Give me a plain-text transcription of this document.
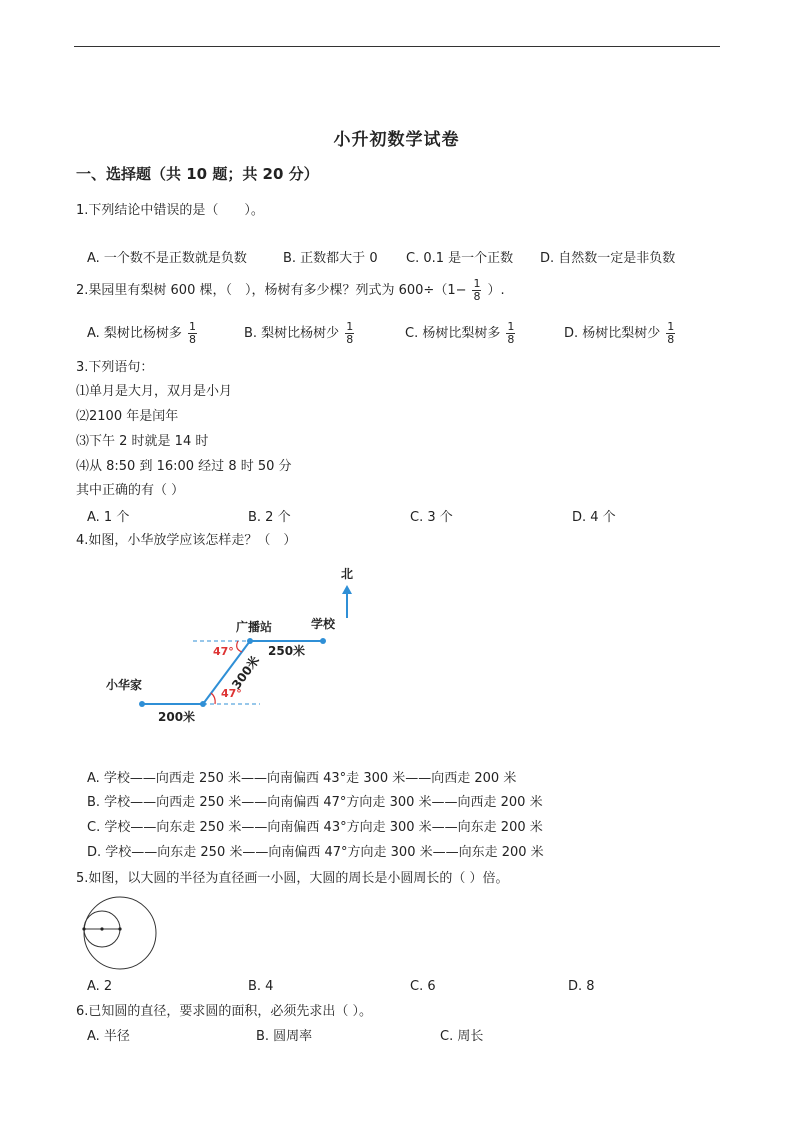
小升初数学试卷
一、选择题（共 10 题；共 20 分）
1.下列结论中错误的是（　　）。
A. 一个数不是正数就是负数	B. 正数都大于 0 C. 0.1 是一个正数 D. 自然数一定是非负数
2.果园里有梨树 600 棵，（　），杨树有多少棵？列式为 $600\div(1- \frac{1}{8}$ ）.
A. 梨树比杨树多 $\frac{1}{8}$	B. 梨树比杨树少 $\frac{1}{8}$	C. 杨树比梨树多 $\frac{1}{8}$	D. 杨树比梨树少 $\frac{1}{8}$
3.下列语句：
⑴单月是大月，双月是小月
⑵2100 年是闰年
⑶下午 2 时就是 14 时
⑷从 8:50 到 16:00 经过 8 时 50 分
其中正确的有（ ）
A. 1 个	B. 2 个	C. 3 个	D. 4 个
4.如图，小华放学应该怎样走？（　）
北
广播站	学校
小华家
250米
300米
200米
47°
47°
A. 学校——向西走 250 米——向南偏西 43°走 300 米——向西走 200 米
B. 学校——向西走 250 米——向南偏西 47°方向走 300 米——向西走 200 米
C. 学校——向东走 250 米——向南偏西 43°方向走 300 米——向东走 200 米
D. 学校——向东走 250 米——向南偏西 47°方向走 300 米——向东走 200 米
5.如图，以大圆的半径为直径画一小圆，大圆的周长是小圆周长的（ ）倍。
A. 2	B. 4	C. 6	D. 8
6.已知圆的直径，要求圆的面积，必须先求出（ ）。
A. 半径	B. 圆周率	C. 周长
